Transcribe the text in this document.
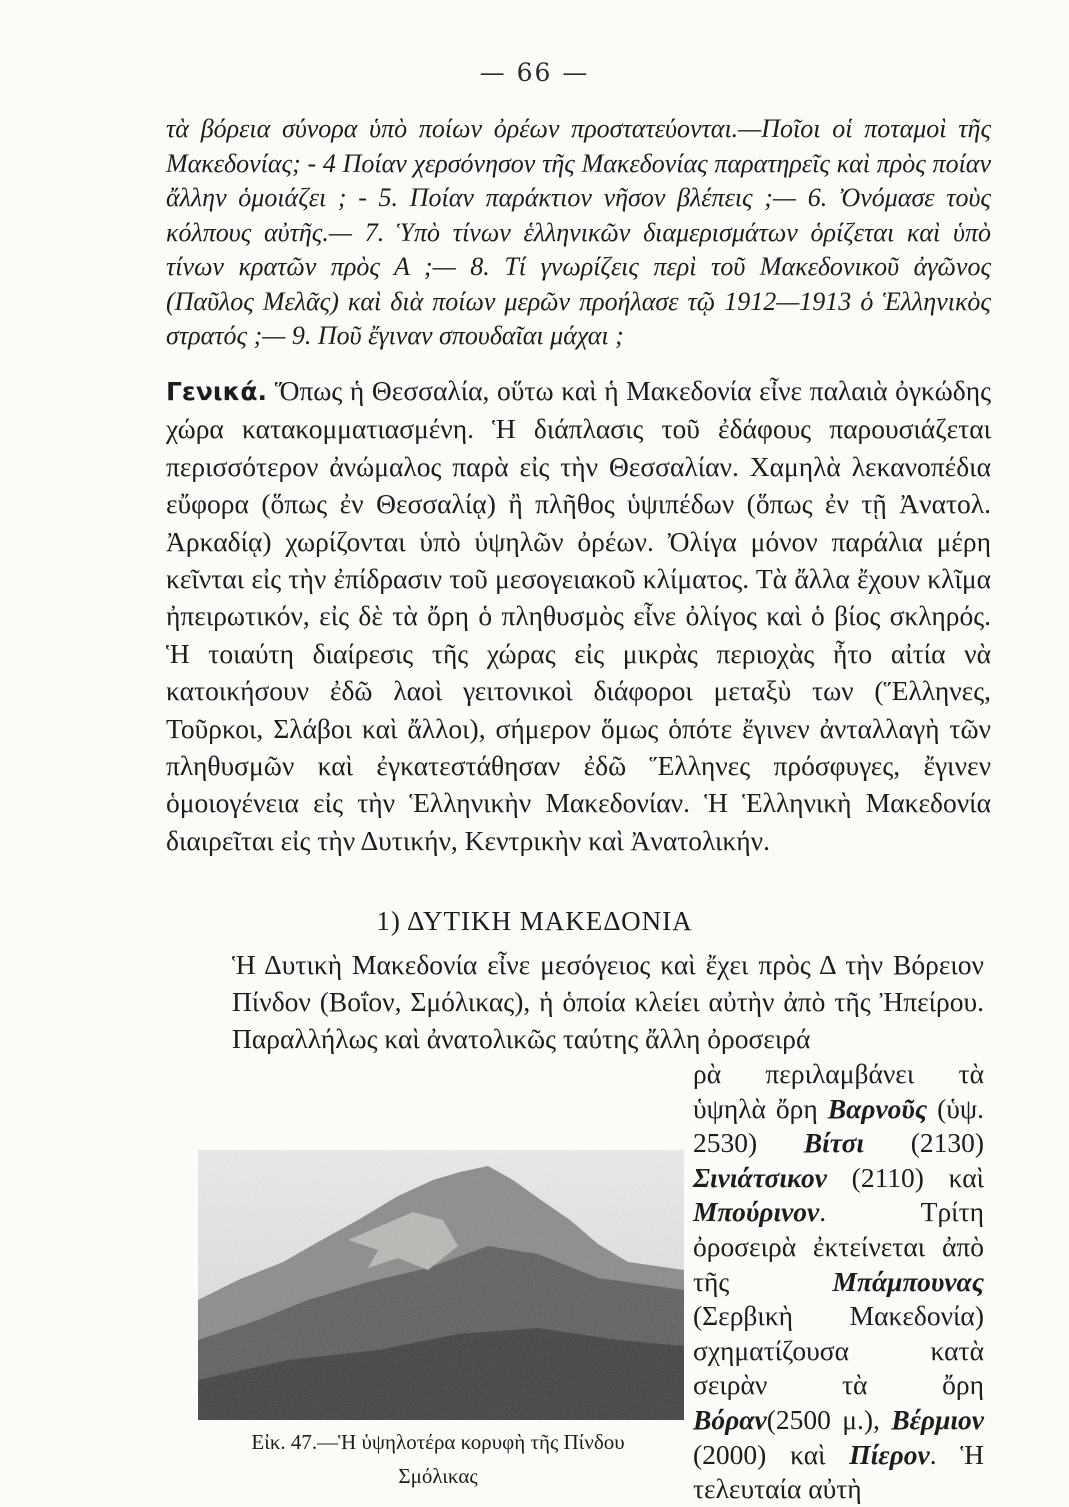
— 66 —

τὰ βόρεια σύνορα ὑπὸ ποίων ὀρέων προστατεύονται.—Ποῖοι οἱ ποταμοὶ τῆς Μακεδονίας; - 4 Ποίαν χερσόνησον τῆς Μακεδονίας παρατηρεῖς καὶ πρὸς ποίαν ἄλλην ὁμοιάζει ; - 5. Ποίαν παράκτιον νῆσον βλέπεις ;— 6. Ὀνόμασε τοὺς κόλπους αὐτῆς.— 7. Ὑπὸ τίνων ἑλληνικῶν διαμερισμάτων ὁρίζεται καὶ ὑπὸ τίνων κρατῶν πρὸς Α ;— 8. Τί γνωρίζεις περὶ τοῦ Μακεδονικοῦ ἀγῶνος (Παῦλος Μελᾶς) καὶ διὰ ποίων μερῶν προήλασε τῷ 1912—1913 ὁ Ἑλληνικὸς στρατός ;— 9. Ποῦ ἔγιναν σπουδαῖαι μάχαι ;

Γενικά. Ὅπως ἡ Θεσσαλία, οὕτω καὶ ἡ Μακεδονία εἶνε παλαιὰ ὀγκώδης χώρα κατακομματιασμένη. Ἡ διάπλασις τοῦ ἐδάφους παρουσιάζεται περισσότερον ἀνώμαλος παρὰ εἰς τὴν Θεσσαλίαν. Χαμηλὰ λεκανοπέδια εὔφορα (ὅπως ἐν Θεσσαλίᾳ) ἢ πλῆθος ὑψιπέδων (ὅπως ἐν τῇ Ἀνατολ. Ἀρκαδίᾳ) χωρίζονται ὑπὸ ὑψηλῶν ὀρέων. Ὀλίγα μόνον παράλια μέρη κεῖνται εἰς τὴν ἐπίδρασιν τοῦ μεσογειακοῦ κλίματος. Τὰ ἄλλα ἔχουν κλῖμα ἠπειρωτικόν, εἰς δὲ τὰ ὄρη ὁ πληθυσμὸς εἶνε ὀλίγος καὶ ὁ βίος σκληρός. Ἡ τοιαύτη διαίρεσις τῆς χώρας εἰς μικρὰς περιοχὰς ἦτο αἰτία νὰ κατοικήσουν ἐδῶ λαοὶ γειτονικοὶ διάφοροι μεταξὺ των (Ἕλληνες, Τοῦρκοι, Σλάβοι καὶ ἄλλοι), σήμερον ὅμως ὁπότε ἔγινεν ἀνταλλαγὴ τῶν πληθυσμῶν καὶ ἐγκατεστάθησαν ἐδῶ Ἕλληνες πρόσφυγες, ἔγινεν ὁμοιογένεια εἰς τὴν Ἑλληνικὴν Μακεδονίαν. Ἡ Ἑλληνικὴ Μακεδονία διαιρεῖται εἰς τὴν Δυτικήν, Κεντρικὴν καὶ Ἀνατολικήν.

1) ΔΥΤΙΚΗ ΜΑΚΕΔΟΝΙΑ

Ἡ Δυτικὴ Μακεδονία εἶνε μεσόγειος καὶ ἔχει πρὸς Δ τὴν Βόρειον Πίνδον (Βοΐον, Σμόλικας), ἡ ὁποία κλείει αὐτὴν ἀπὸ τῆς Ἠπείρου. Παραλλήλως καὶ ἀνατολικῶς ταύτης ἄλλη ὀροσειρά

ρὰ περιλαμβάνει τὰ ὑψηλὰ ὄρη Βαρνοῦς (ὑψ. 2530) Βίτσι (2130) Σινιάτσικον (2110) καὶ Μπούρινον. Τρίτη ὀροσειρὰ ἐκτείνεται ἀπὸ τῆς	Μπάμπουνας (Σερβικὴ Μακεδονία) σχηματίζουσα κατὰ σειρὰν τὰ ὄρη Βόραν(2500 μ.), Βέρμιον (2000) καὶ Πίερον. Ἡ τελευταία αὐτὴ

Εἰκ. 47.—Ἡ ὑψηλοτέρα κορυφὴ τῆς Πίνδου
Σμόλικας
